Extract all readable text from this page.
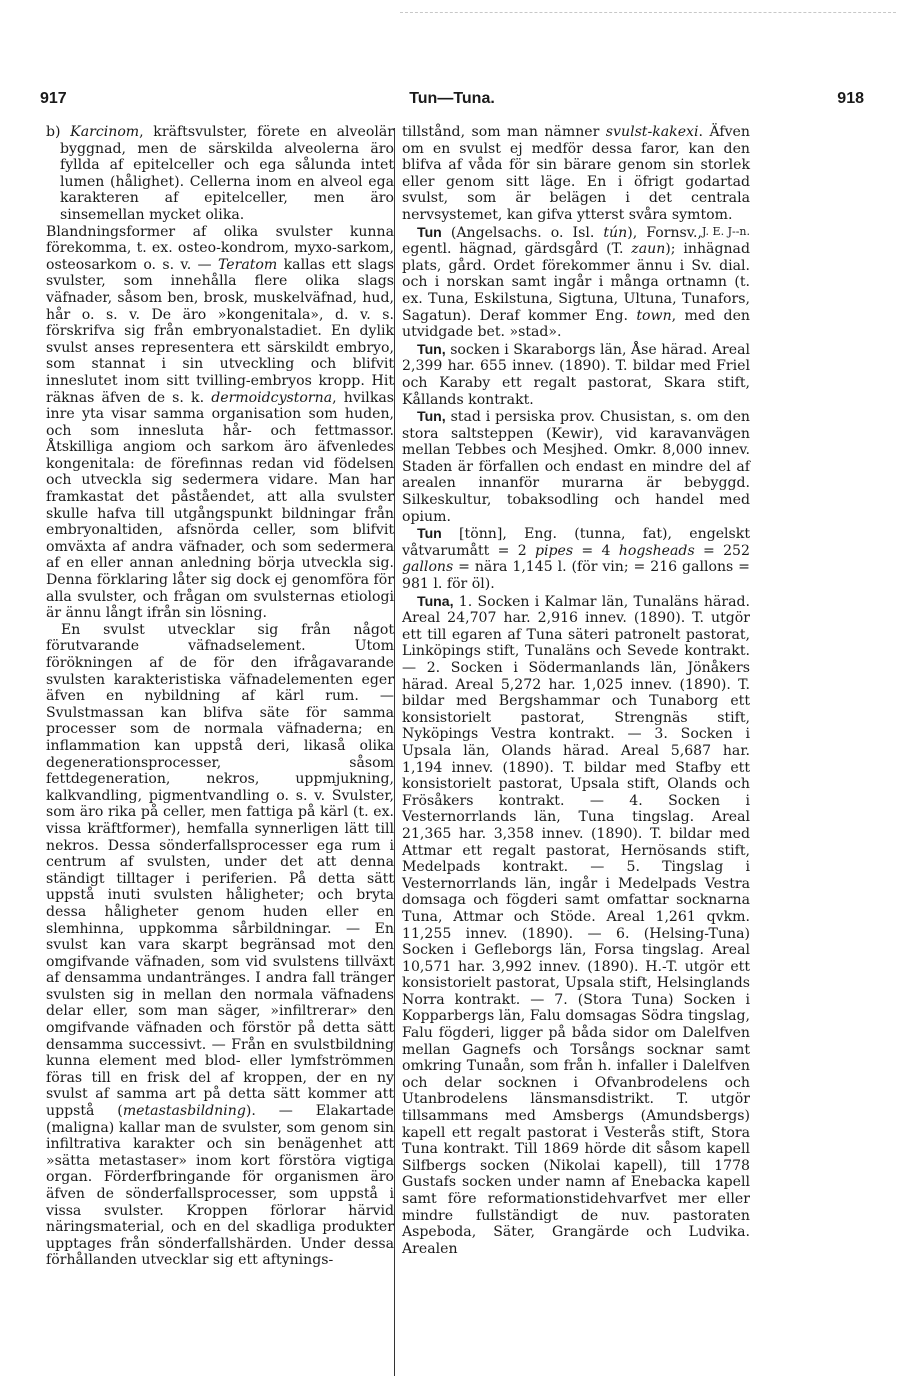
917	Tun—Tuna.	918

b) Karcinom, kräftsvulster, förete en alveolär byggnad, men de särskilda alveolerna äro fyllda af epitelceller och ega sålunda intet lumen (hålighet). Cellerna inom en alveol ega karakteren af epitelceller, men äro sinsemellan mycket olika.

Blandningsformer af olika svulster kunna förekomma, t. ex. osteo-kondrom, myxo-sarkom, osteosarkom o. s. v. — Teratom kallas ett slags svulster, som innehålla flere olika slags väfnader, såsom ben, brosk, muskelväfnad, hud, hår o. s. v. De äro »kongenitala», d. v. s. förskrifva sig från embryonalstadiet. En dylik svulst anses representera ett särskildt embryo, som stannat i sin utveckling och blifvit inneslutet inom sitt tvilling-embryos kropp. Hit räknas äfven de s. k. dermoidcystorna, hvilkas inre yta visar samma organisation som huden, och som inneslutа hår- och fettmassor. Åtskilliga angiom och sarkom äro äfvenledes kongenitala: de förefinnas redan vid födelsen och utveckla sig sedermera vidare. Man har framkastat det påståendet, att alla svulster skulle hafva till utgångspunkt bildningar från embryonaltiden, afsnörda celler, som blifvit omväxta af andra väfnader, och som sedermera af en eller annan anledning börja utveckla sig. Denna förklaring låter sig dock ej genomföra för alla svulster, och frågan om svulsternas etiologi är ännu långt ifrån sin lösning.

En svulst utvecklar sig från något förutvarande väfnadselement. Utom förökningen af de för den ifrågavarande svulsten karakteristiska väfnadelementen eger äfven en nybildning af kärl rum. — Svulstmassan kan blifva säte för samma processer som de normala väfnaderna; en inflammation kan uppstå deri, likaså olika degenerationsprocesser, såsom fettdegeneration, nekros, uppmjukning, kalkvandling, pigmentvandling o. s. v. Svulster, som äro rika på celler, men fattiga på kärl (t. ex. vissa kräftformer), hemfalla synnerligen lätt till nekros. Dessa sönderfallsprocesser ega rum i centrum af svulsten, under det att denna ständigt tilltager i periferien. På detta sätt uppstå inuti svulsten håligheter; och bryta dessa håligheter genom huden eller en slemhinna, uppkomma sårbildningar. — En svulst kan vara skarpt begränsad mot den omgifvande väfnaden, som vid svulstens tillväxt af densamma undantränges. I andra fall tränger svulsten sig in mellan den normala väfnadens delar eller, som man säger, »infiltrerar» den omgifvande väfnaden och förstör på detta sätt densamma successivt. — Från en svulstbildning kunna element med blod- eller lymfströmmen föras till en frisk del af kroppen, der en ny svulst af samma art på detta sätt kommer att uppstå (metastasbildning). — Elakartade (maligna) kallar man de svulster, som genom sin infiltrativa karakter och sin benägenhet att »sätta metastaser» inom kort förstöra vigtiga organ. Förderfbringande för organismen äro äfven de sönderfallsprocesser, som uppstå i vissa svulster. Kroppen förlorar härvid näringsmaterial, och en del skadliga produkter upptages från sönderfallshärden. Under dessa förhållanden utvecklar sig ett aftynings-

tillstånd, som man nämner svulst-kakexi. Äfven om en svulst ej medför dessa faror, kan den blifva af våda för sin bärare genom sin storlek eller genom sitt läge. En i öfrigt godartad svulst, som är belägen i det centrala nervsystemet, kan gifva ytterst svåra symtom.
J. E. J--n.

Tun (Angelsachs. o. Isl. tún), Fornsv., egentl. hägnad, gärdsgård (T. zaun); inhägnad plats, gård. Ordet förekommer ännu i Sv. dial. och i norskan samt ingår i många ortnamn (t. ex. Tuna, Eskilstuna, Sigtuna, Ultuna, Tunafors, Sagatun). Deraf kommer Eng. town, med den utvidgade bet. »stad».

Tun, socken i Skaraborgs län, Åse härad. Areal 2,399 har. 655 innev. (1890). T. bildar med Friel och Karaby ett regalt pastorat, Skara stift, Kållands kontrakt.

Tun, stad i persiska prov. Chusistan, s. om den stora saltsteppen (Kewir), vid karavanvägen mellan Tebbes och Mesjhed. Omkr. 8,000 innev. Staden är förfallen och endast en mindre del af arealen innanför murarna är bebyggd. Silkeskultur, tobaksodling och handel med opium.

Tun [tönn], Eng. (tunna, fat), engelskt våtvarumått = 2 pipes = 4 hogsheads = 252 gallons = nära 1,145 l. (för vin; = 216 gallons = 981 l. för öl).

Tuna, 1. Socken i Kalmar län, Tunaläns härad. Areal 24,707 har. 2,916 innev. (1890). T. utgör ett till egaren af Tuna säteri patronelt pastorat, Linköpings stift, Tunaläns och Sevede kontrakt. — 2. Socken i Södermanlands län, Jönåkers härad. Areal 5,272 har. 1,025 innev. (1890). T. bildar med Bergshammar och Tunaborg ett konsistorielt pastorat, Strengnäs stift, Nyköpings Vestra kontrakt. — 3. Socken i Upsala län, Olands härad. Areal 5,687 har. 1,194 innev. (1890). T. bildar med Stafby ett konsistorielt pastorat, Upsala stift, Olands och Frösåkers kontrakt. — 4. Socken i Vesternorrlands län, Tuna tingslag. Areal 21,365 har. 3,358 innev. (1890). T. bildar med Attmar ett regalt pastorat, Hernösands stift, Medelpads kontrakt. — 5. Tingslag i Vesternorrlands län, ingår i Medelpads Vestra domsaga och fögderi samt omfattar socknarna Tuna, Attmar och Stöde. Areal 1,261 qvkm. 11,255 innev. (1890). — 6. (Helsing-Tuna) Socken i Gefleborgs län, Forsa tingslag. Areal 10,571 har. 3,992 innev. (1890). H.-T. utgör ett konsistorielt pastorat, Upsala stift, Helsinglands Norra kontrakt. — 7. (Stora Tuna) Socken i Kopparbergs län, Falu domsagas Södra tingslag, Falu fögderi, ligger på båda sidor om Dalelfven mellan Gagnefs och Torsångs socknar samt omkring Tunaån, som från h. infaller i Dalelfven och delar socknen i Ofvanbrodelens och Utanbrodelens länsmansdistrikt. T. utgör tillsammans med Amsbergs (Amundsbergs) kapell ett regalt pastorat i Vesterås stift, Stora Tuna kontrakt. Till 1869 hörde dit såsom kapell Silfbergs socken (Nikolai kapell), till 1778 Gustafs socken under namn af Enebacka kapell samt före reformationstidehvarfvet mer eller mindre fullständigt de nuv. pastoraten Aspeboda, Säter, Grangärde och Ludvika. Arealen
